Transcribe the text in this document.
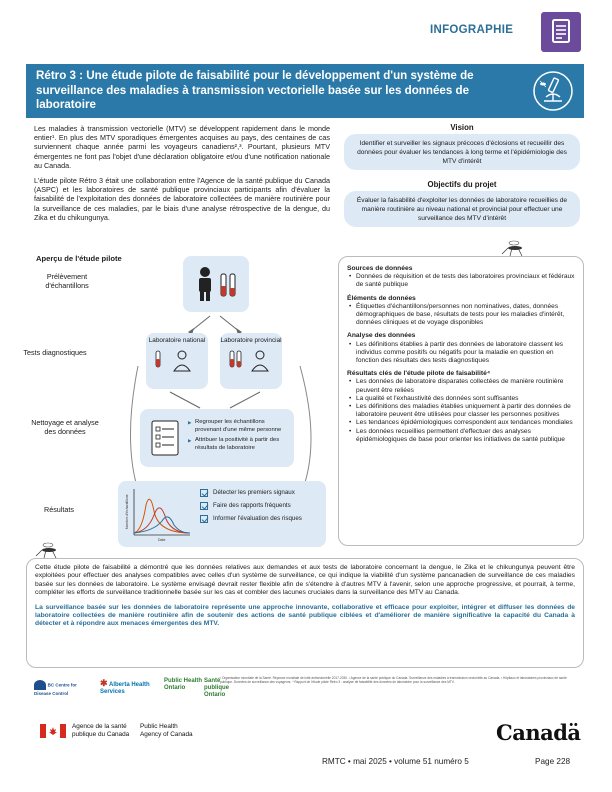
INFOGRAPHIE
Rétro 3 : Une étude pilote de faisabilité pour le développement d'un système de surveillance des maladies à transmission vectorielle basée sur les données de laboratoire

Les maladies à transmission vectorielle (MTV) se développent rapidement dans le monde entier¹. En plus des MTV sporadiques émergentes acquises au pays, des centaines de cas surviennent chaque année parmi les voyageurs canadiens²,³. Pourtant, plusieurs MTV émergentes ne font pas l'objet d'une déclaration obligatoire et/ou d'une notification nationale au Canada.

L'étude pilote Rétro 3 était une collaboration entre l'Agence de la santé publique du Canada (ASPC) et les laboratoires de santé publique provinciaux participants afin d'évaluer la faisabilité de l'exploitation des données de laboratoire collectées de manière routinière pour la surveillance de ces maladies, par le biais d'une analyse rétrospective de la dengue, du Zika et du chikungunya.

Vision
Identifier et surveiller les signaux précoces d'éclosions et recueillir des données pour évaluer les tendances à long terme et l'épidémiologie des MTV d'intérêt
Objectifs du projet
Évaluer la faisabilité d'exploiter les données de laboratoire recueillies de manière routinière au niveau national et provincial pour effectuer une surveillance des MTV d'intérêt
Aperçu de l'étude pilote
Prélèvement d'échantillons
Tests diagnostiques
Nettoyage et analyse des données
Résultats
Laboratoire national	Laboratoire provincial
▶ Regrouper les échantillons provenant d'une même personne
▶ Attribuer la positivité à partir des résultats de laboratoire
Nombre d'échantillons
Date
Détecter les premiers signaux
Faire des rapports fréquents
Informer l'évaluation des risques
Sources de données
• Données de réquisition et de tests des laboratoires provinciaux et fédéraux de santé publique
Éléments de données
• Étiquettes d'échantillons/personnes non nominatives, dates, données démographiques de base, résultats de tests pour les maladies d'intérêt, données cliniques et de voyage disponibles
Analyse des données
• Les définitions établies à partir des données de laboratoire classent les individus comme positifs ou négatifs pour la maladie en question en fonction des résultats des tests diagnostiques
Résultats clés de l'étude pilote de faisabilité⁴
• Les données de laboratoire disparates collectées de manière routinière peuvent être reliées
• La qualité et l'exhaustivité des données sont suffisantes
• Les définitions des maladies établies uniquement à partir des données de laboratoire peuvent être utilisées pour classer les personnes positives
• Les tendances épidémiologiques correspondent aux tendances mondiales
• Les données recueillies permettent d'effectuer des analyses épidémiologiques de base pour orienter les initiatives de santé publique

Cette étude pilote de faisabilité a démontré que les données relatives aux demandes et aux tests de laboratoire concernant la dengue, le Zika et le chikungunya peuvent être exploitées pour effectuer des analyses compatibles avec celles d'un système de surveillance, ce qui indique la viabilité d'un système pancanadien de surveillance de ces maladies basée sur les données de laboratoire. Le système envisagé devrait rester flexible afin de s'étendre à d'autres MTV à l'avenir, selon une approche progressive, et pourrait, à terme, compléter les efforts de surveillance traditionnelle basée sur les cas et combler des lacunes cruciales dans la surveillance des MTV au Canada.

La surveillance basée sur les données de laboratoire représente une approche innovante, collaborative et efficace pour exploiter, intégrer et diffuser les données de laboratoire collectées de manière routinière afin de soutenir des actions de santé publique ciblées et d'améliorer de manière significative la capacité du Canada à détecter et à répondre aux menaces émergentes des MTV.

BC Centre for Disease Control
✱ Alberta Health Services
Public Health Ontario
Santé publique Ontario
¹ Organisation mondiale de la Santé. Réponse mondiale de lutte antivectorielle 2017-2030. ² Agence de la santé publique du Canada. Surveillance des maladies à transmission vectorielle au Canada. ³ Hôpitaux et laboratoires provinciaux de santé publique. Données de surveillance des voyageurs. ⁴ Rapport de l'étude pilote Rétro 3 : analyse de faisabilité des données de laboratoire pour la surveillance des MTV.
Agence de la santé publique du Canada
Public Health Agency of Canada	Canadä
RMTC • mai 2025 • volume 51 numéro 5	Page 228
